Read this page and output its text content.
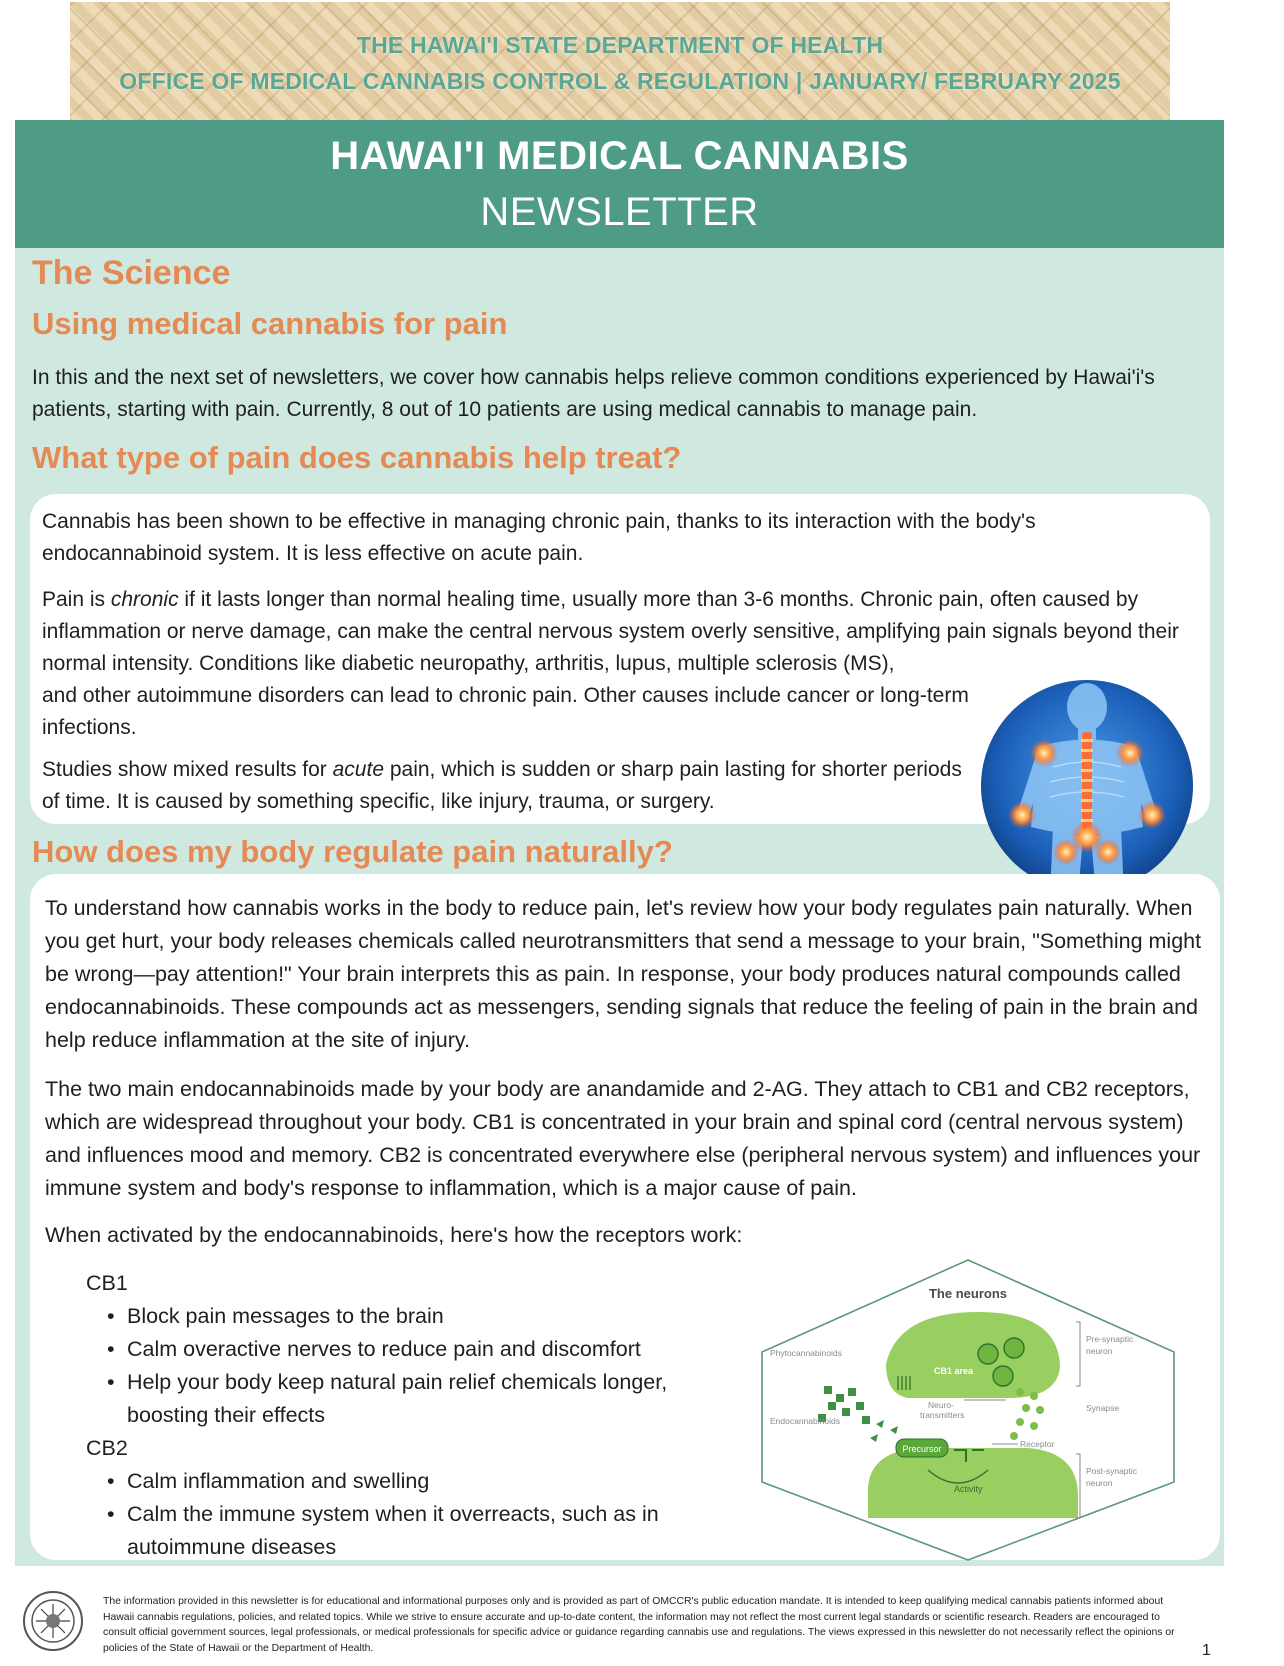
THE HAWAI'I STATE DEPARTMENT OF HEALTH
OFFICE OF MEDICAL CANNABIS CONTROL & REGULATION | JANUARY/ FEBRUARY 2025
HAWAI'I MEDICAL CANNABIS
NEWSLETTER
The Science
Using medical cannabis for pain

In this and the next set of newsletters, we cover how cannabis helps relieve common conditions experienced by Hawai'i's patients, starting with pain. Currently, 8 out of 10 patients are using medical cannabis to manage pain.

What type of pain does cannabis help treat?

Cannabis has been shown to be effective in managing chronic pain, thanks to its interaction with the body's endocannabinoid system. It is less effective on acute pain.

Pain is chronic if it lasts longer than normal healing time, usually more than 3-6 months. Chronic pain, often caused by inflammation or nerve damage, can make the central nervous system overly sensitive, amplifying pain signals beyond their normal intensity. Conditions like diabetic neuropathy, arthritis, lupus, multiple sclerosis (MS),

and other autoimmune disorders can lead to chronic pain. Other causes include cancer or long-term infections.

Studies show mixed results for acute pain, which is sudden or sharp pain lasting for shorter periods of time. It is caused by something specific, like injury, trauma, or surgery.

How does my body regulate pain naturally?

To understand how cannabis works in the body to reduce pain, let's review how your body regulates pain naturally. When you get hurt, your body releases chemicals called neurotransmitters that send a message to your brain, "Something might be wrong—pay attention!" Your brain interprets this as pain. In response, your body produces natural compounds called endocannabinoids. These compounds act as messengers, sending signals that reduce the feeling of pain in the brain and help reduce inflammation at the site of injury.

The two main endocannabinoids made by your body are anandamide and 2-AG. They attach to CB1 and CB2 receptors, which are widespread throughout your body. CB1 is concentrated in your brain and spinal cord (central nervous system) and influences mood and memory. CB2 is concentrated everywhere else (peripheral nervous system) and influences your immune system and body's response to inflammation, which is a major cause of pain.

When activated by the endocannabinoids, here's how the receptors work:

CB1
• Block pain messages to the brain
• Calm overactive nerves to reduce pain and discomfort
• Help your body keep natural pain relief chemicals longer, boosting their effects
CB2
• Calm inflammation and swelling
• Calm the immune system when it overreacts, such as in autoimmune diseases
The neurons
CB1 area
Phytocannabinoids
Endocannabinoids
Neuro-
transmitters
Precursor	Receptor
Activity
Pre-synaptic
neuron
Synapse
Post-synaptic
neuron
The information provided in this newsletter is for educational and informational purposes only and is provided as part of OMCCR's public education mandate. It is intended to keep qualifying medical cannabis patients informed about Hawaii cannabis regulations, policies, and related topics. While we strive to ensure accurate and up-to-date content, the information may not reflect the most current legal standards or scientific research. Readers are encouraged to consult official government sources, legal professionals, or medical professionals for specific advice or guidance regarding cannabis use and regulations. The views expressed in this newsletter do not necessarily reflect the opinions or policies of the State of Hawaii or the Department of Health.	1
